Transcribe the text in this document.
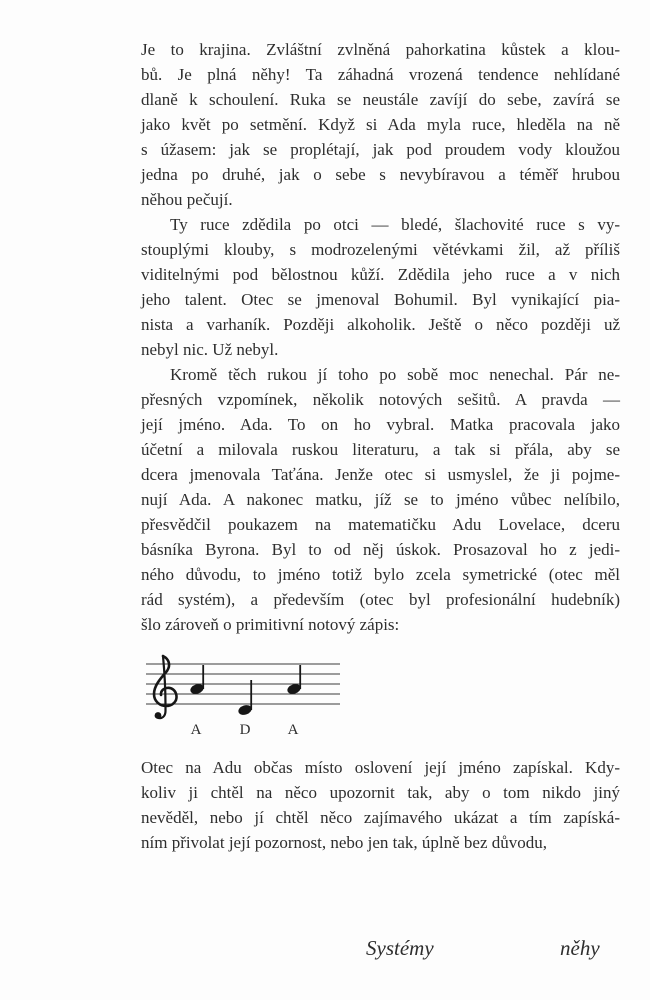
Je to krajina. Zvláštní zvlněná pahorkatina kůstek a klou-
bů. Je plná něhy! Ta záhadná vrozená tendence nehlídané
dlaně k schoulení. Ruka se neustále zavíjí do sebe, zavírá se
jako květ po setmění. Když si Ada myla ruce, hleděla na ně
s úžasem: jak se proplétají, jak pod proudem vody kloužou
jedna po druhé, jak o sebe s nevybíravou a téměř hrubou
něhou pečují.
Ty ruce zdědila po otci — bledé, šlachovité ruce s vy-
stouplými klouby, s modrozelenými větévkami žil, až příliš
viditelnými pod bělostnou kůží. Zdědila jeho ruce a v nich
jeho talent. Otec se jmenoval Bohumil. Byl vynikající pia-
nista a varhaník. Později alkoholik. Ještě o něco později už
nebyl nic. Už nebyl.
Kromě těch rukou jí toho po sobě moc nenechal. Pár ne-
přesných vzpomínek, několik notových sešitů. A pravda —
její jméno. Ada. To on ho vybral. Matka pracovala jako
účetní a milovala ruskou literaturu, a tak si přála, aby se
dcera jmenovala Taťána. Jenže otec si usmyslel, že ji pojme-
nují Ada. A nakonec matku, jíž se to jméno vůbec nelíbilo,
přesvědčil poukazem na matematičku Adu Lovelace, dceru
básníka Byrona. Byl to od něj úskok. Prosazoval ho z jedi-
ného důvodu, to jméno totiž bylo zcela symetrické (otec měl
rád systém), a především (otec byl profesionální hudebník)
šlo zároveň o primitivní notový zápis:
A	D A
Otec na Adu občas místo oslovení její jméno zapískal. Kdy-
koliv ji chtěl na něco upozornit tak, aby o tom nikdo jiný
nevěděl, nebo jí chtěl něco zajímavého ukázat a tím zapíská-
ním přivolat její pozornost, nebo jen tak, úplně bez důvodu,
Systémy	něhy
